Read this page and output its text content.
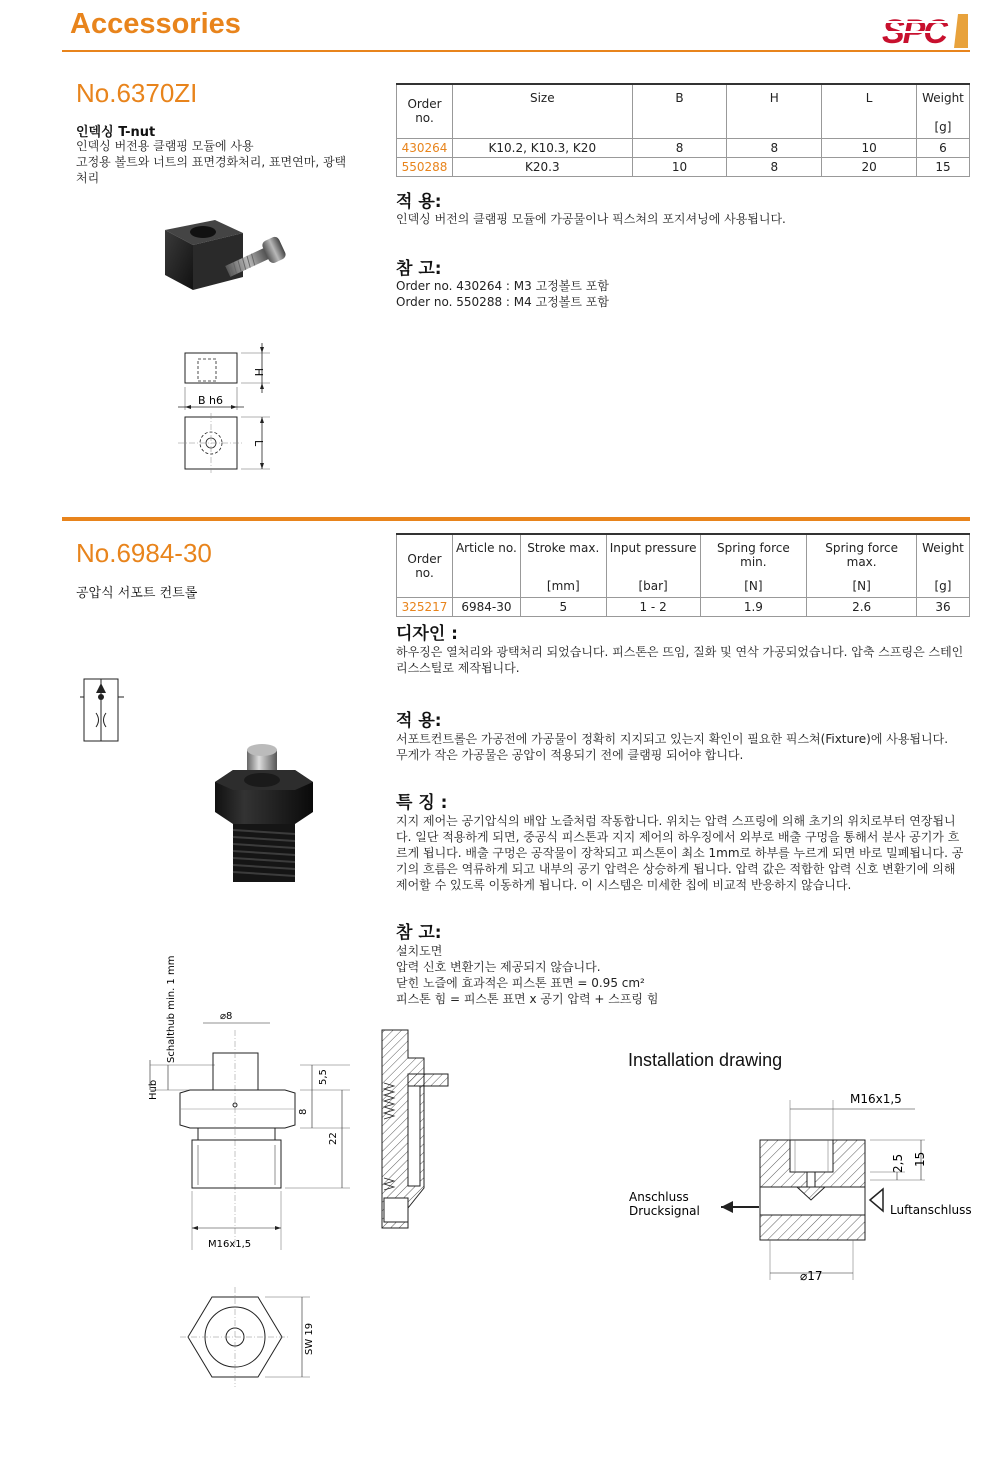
Accessories	SPC
No.6370ZI
인덱싱 T-nut
인덱싱 버전용 클램핑 모듈에 사용
고정용 볼트와 너트의 표면경화처리, 표면연마, 광택
처리
H
B h6
L
Order no.	Size	B	H	L	Weight
					[g]
430264	K10.2, K10.3, K20	8	8	10	6
550288	K20.3	10	8	20	15
적 용:
인덱싱 버전의 클램핑 모듈에 가공물이나 픽스쳐의 포지셔닝에 사용됩니다.
참 고:
Order no. 430264 : M3 고정볼트 포함
Order no. 550288 : M4 고정볼트 포함
No.6984-30
공압식 서포트 컨트롤
Schalthub min. 1 mm
Hub
⌀8
5,5
8
22
M16x1,5
SW 19
Order no.	Article no.	Stroke max.	Input pressure	Spring force min.	Spring force max.	Weight
		[mm]	[bar]	[N]	[N]	[g]
325217	6984-30	5	1 - 2	1.9	2.6	36
디자인 :
하우징은 열처리와 광택처리 되었습니다. 피스톤은 뜨임, 질화 및 연삭 가공되었습니다. 압축 스프링은 스테인
리스스틸로 제작됩니다.
적 용:
서포트컨트롤은 가공전에 가공물이 정확히 지지되고 있는지 확인이 필요한 픽스쳐(Fixture)에 사용됩니다.
무게가 작은 가공물은 공압이 적용되기 전에 클램핑 되어야 합니다.
특 징 :
지지 제어는 공기압식의 배압 노즐처럼 작동합니다. 위치는 압력 스프링에 의해 초기의 위치로부터 연장됩니
다. 일단 적용하게 되면, 중공식 피스톤과 지지 제어의 하우징에서 외부로 배출 구멍을 통해서 분사 공기가 흐
르게 됩니다. 배출 구멍은 공작물이 장착되고 피스톤이 최소 1mm로 하부를 누르게 되면 바로 밀폐됩니다. 공
기의 흐름은 역류하게 되고 내부의 공기 압력은 상승하게 됩니다. 압력 값은 적합한 압력 신호 변환기에 의해
제어할 수 있도록 이동하게 됩니다. 이 시스템은 미세한 칩에 비교적 반응하지 않습니다.
참 고:
설치도면
압력 신호 변환기는 제공되지 않습니다.
닫힌 노즐에 효과적은 피스톤 표면 = 0.95 cm²
피스톤 힘 = 피스톤 표면 x 공기 압력 + 스프링 힘
Installation drawing
M16x1,5
2,5 15
⌀17
Anschluss
Drucksignal	Luftanschluss
